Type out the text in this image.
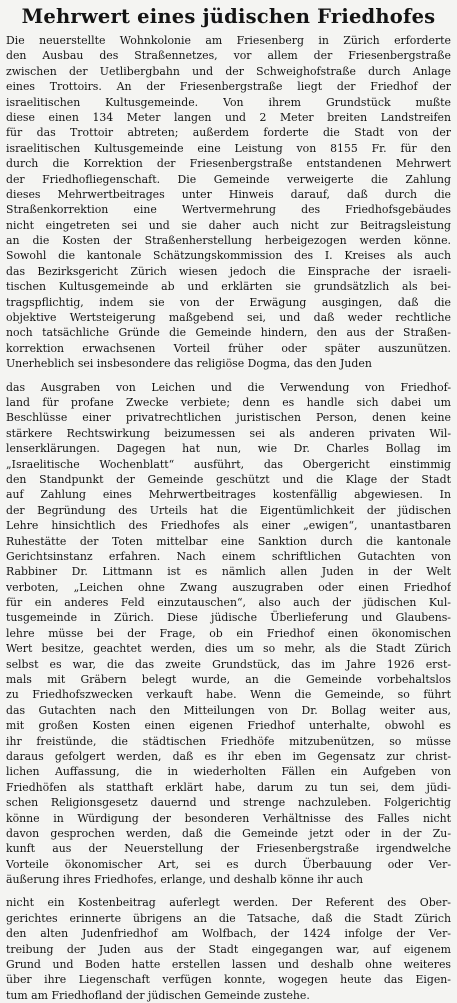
Mehrwert eines jüdischen Friedhofes
Die neuerstellte Wohnkolonie am Friesenberg in Zürich erforderte
den Ausbau des Straßennetzes, vor allem der Friesenbergstraße
zwischen der Uetlibergbahn und der Schweighofstraße durch Anlage
eines Trottoirs. An der Friesenbergstraße liegt der Friedhof der
israelitischen Kultusgemeinde. Von ihrem Grundstück mußte
diese einen 134 Meter langen und 2 Meter breiten Landstreifen
für das Trottoir abtreten; außerdem forderte die Stadt von der
israelitischen Kultusgemeinde eine Leistung von 8155 Fr. für den
durch die Korrektion der Friesenbergstraße entstandenen Mehrwert
der Friedhofliegenschaft. Die Gemeinde verweigerte die Zahlung
dieses Mehrwertbeitrages unter Hinweis darauf, daß durch die
Straßenkorrektion eine Wertvermehrung des Friedhofsgebäudes
nicht eingetreten sei und sie daher auch nicht zur Beitragsleistung
an die Kosten der Straßenherstellung herbeigezogen werden könne.
Sowohl die kantonale Schätzungskommission des I. Kreises als auch
das Bezirksgericht Zürich wiesen jedoch die Einsprache der israeli-
tischen Kultusgemeinde ab und erklärten sie grundsätzlich als bei-
tragspflichtig, indem sie von der Erwägung ausgingen, daß die
objektive Wertsteigerung maßgebend sei, und daß weder rechtliche
noch tatsächliche Gründe die Gemeinde hindern, den aus der Straßen-
korrektion erwachsenen Vorteil früher oder später auszunützen.
Unerheblich sei insbesondere das religiöse Dogma, das den Juden
das Ausgraben von Leichen und die Verwendung von Friedhof-
land für profane Zwecke verbiete; denn es handle sich dabei um
Beschlüsse einer privatrechtlichen juristischen Person, denen keine
stärkere Rechtswirkung beizumessen sei als anderen privaten Wil-
lenserklärungen. Dagegen hat nun, wie Dr. Charles Bollag im
„Israelitische Wochenblatt“ ausführt, das Obergericht einstimmig
den Standpunkt der Gemeinde geschützt und die Klage der Stadt
auf Zahlung eines Mehrwertbeitrages kostenfällig abgewiesen. In
der Begründung des Urteils hat die Eigentümlichkeit der jüdischen
Lehre hinsichtlich des Friedhofes als einer „ewigen“, unantastbaren
Ruhestätte der Toten mittelbar eine Sanktion durch die kantonale
Gerichtsinstanz erfahren. Nach einem schriftlichen Gutachten von
Rabbiner Dr. Littmann ist es nämlich allen Juden in der Welt
verboten, „Leichen ohne Zwang auszugraben oder einen Friedhof
für ein anderes Feld einzutauschen“, also auch der jüdischen Kul-
tusgemeinde in Zürich. Diese jüdische Überlieferung und Glaubens-
lehre müsse bei der Frage, ob ein Friedhof einen ökonomischen
Wert besitze, geachtet werden, dies um so mehr, als die Stadt Zürich
selbst es war, die das zweite Grundstück, das im Jahre 1926 erst-
mals mit Gräbern belegt wurde, an die Gemeinde vorbehaltslos
zu Friedhofszwecken verkauft habe. Wenn die Gemeinde, so führt
das Gutachten nach den Mitteilungen von Dr. Bollag weiter aus,
mit großen Kosten einen eigenen Friedhof unterhalte, obwohl es
ihr freistünde, die städtischen Friedhöfe mitzubenützen, so müsse
daraus gefolgert werden, daß es ihr eben im Gegensatz zur christ-
lichen Auffassung, die in wiederholten Fällen ein Aufgeben von
Friedhöfen als statthaft erklärt habe, darum zu tun sei, dem jüdi-
schen Religionsgesetz dauernd und strenge nachzuleben. Folgerichtig
könne in Würdigung der besonderen Verhältnisse des Falles nicht
davon gesprochen werden, daß die Gemeinde jetzt oder in der Zu-
kunft aus der Neuerstellung der Friesenbergstraße irgendwelche
Vorteile ökonomischer Art, sei es durch Überbauung oder Ver-
äußerung ihres Friedhofes, erlange, und deshalb könne ihr auch
nicht ein Kostenbeitrag auferlegt werden. Der Referent des Ober-
gerichtes erinnerte übrigens an die Tatsache, daß die Stadt Zürich
den alten Judenfriedhof am Wolfbach, der 1424 infolge der Ver-
treibung der Juden aus der Stadt eingegangen war, auf eigenem
Grund und Boden hatte erstellen lassen und deshalb ohne weiteres
über ihre Liegenschaft verfügen konnte, wogegen heute das Eigen-
tum am Friedhofland der jüdischen Gemeinde zustehe.
